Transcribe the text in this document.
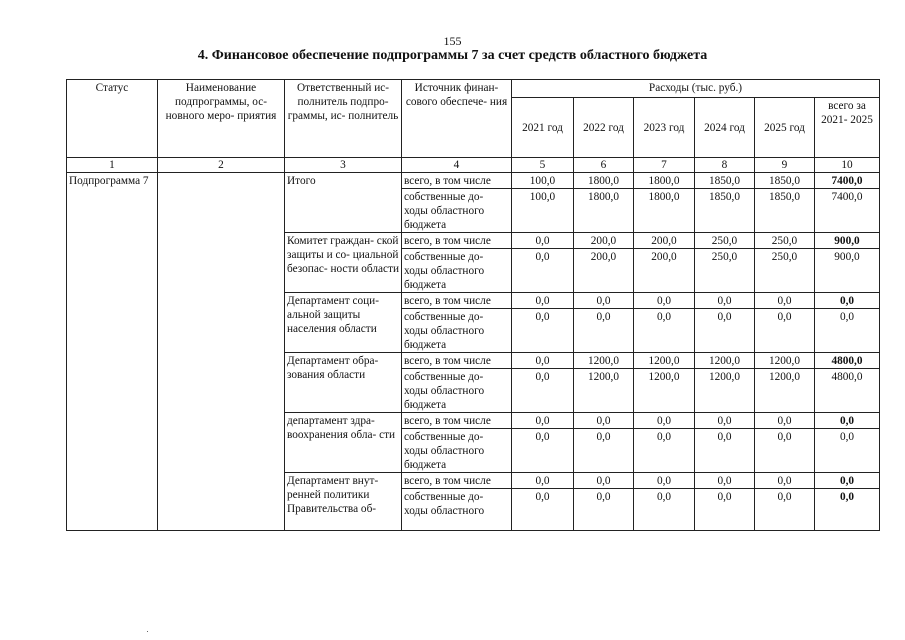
155
4. Финансовое обеспечение подпрограммы 7 за счет средств областного бюджета
Статус	Наименование подпрограммы, ос- новного меро- приятия	Ответственный ис- полнитель подпро- граммы, ис- полнитель	Источник финан- сового обеспече- ния	Расходы (тыс. руб.)					
				2021 год	2022 год	2023 год	2024 год	2025 год	всего за 2021- 2025
1	2	3	4	5	6	7	8	9	10
Подпрограмма 7		Итого	всего, в том числе	100,0	1800,0	1800,0	1850,0	1850,0	7400,0
			собственные до- ходы областного бюджета	100,0	1800,0	1800,0	1850,0	1850,0	7400,0
		Комитет граждан- ской защиты и со- циальной безопас- ности области	всего, в том числе	0,0	200,0	200,0	250,0	250,0	900,0
			собственные до- ходы областного бюджета	0,0	200,0	200,0	250,0	250,0	900,0
		Департамент соци- альной защиты населения области	всего, в том числе	0,0	0,0	0,0	0,0	0,0	0,0
			собственные до- ходы областного бюджета	0,0	0,0	0,0	0,0	0,0	0,0
		Департамент обра- зования области	всего, в том числе	0,0	1200,0	1200,0	1200,0	1200,0	4800,0
			собственные до- ходы областного бюджета	0,0	1200,0	1200,0	1200,0	1200,0	4800,0
		департамент здра- воохранения обла- сти	всего, в том числе	0,0	0,0	0,0	0,0	0,0	0,0
			собственные до- ходы областного бюджета	0,0	0,0	0,0	0,0	0,0	0,0
		Департамент внут- ренней политики Правительства об-	всего, в том числе	0,0	0,0	0,0	0,0	0,0	0,0
			собственные до- ходы областного	0,0	0,0	0,0	0,0	0,0	0,0
